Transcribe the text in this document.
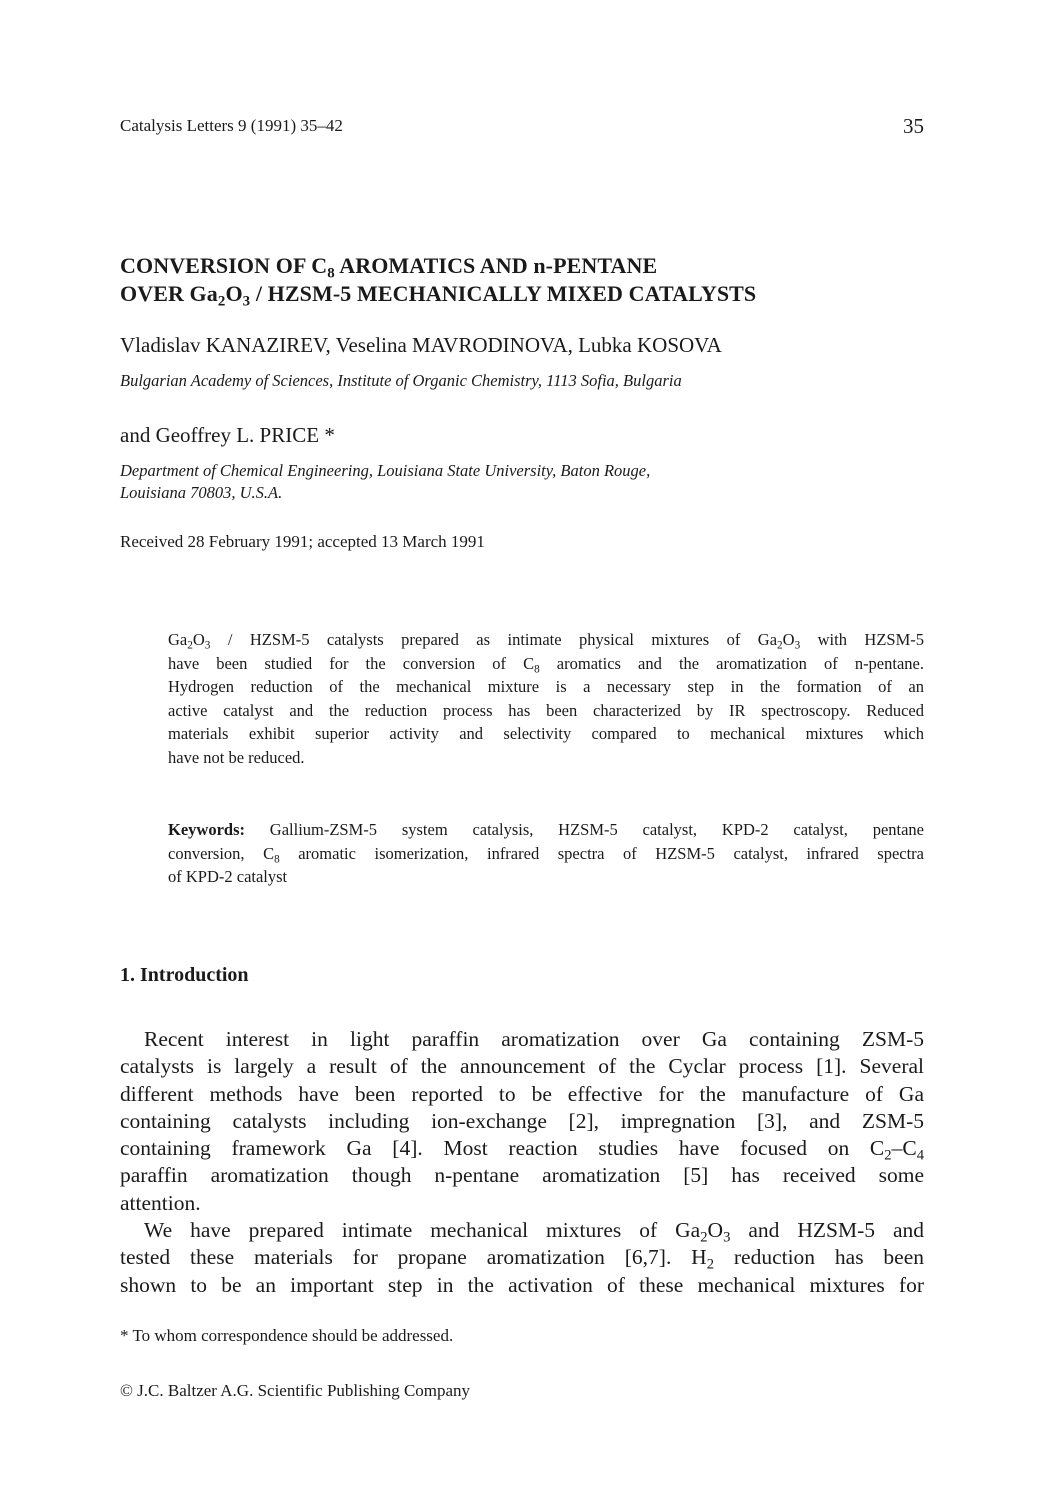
Catalysis Letters 9 (1991) 35–42	35
CONVERSION OF $C_8$ AROMATICS AND n-PENTANE
OVER $Ga_2O_3$ / HZSM-5 MECHANICALLY MIXED CATALYSTS
Vladislav KANAZIREV, Veselina MAVRODINOVA, Lubka KOSOVA
Bulgarian Academy of Sciences, Institute of Organic Chemistry, 1113 Sofia, Bulgaria
and Geoffrey L. PRICE *
Department of Chemical Engineering, Louisiana State University, Baton Rouge,
Louisiana 70803, U.S.A.
Received 28 February 1991; accepted 13 March 1991
$Ga_2O_3$ / HZSM-5 catalysts prepared as intimate physical mixtures of $Ga_2O_3$ with HZSM-5
have been studied for the conversion of $C_8$ aromatics and the aromatization of n-pentane.
Hydrogen reduction of the mechanical mixture is a necessary step in the formation of an
active catalyst and the reduction process has been characterized by IR spectroscopy. Reduced
materials exhibit superior activity and selectivity compared to mechanical mixtures which
have not be reduced.
Keywords: Gallium-ZSM-5 system catalysis, HZSM-5 catalyst, KPD-2 catalyst, pentane
conversion, $C_8$ aromatic isomerization, infrared spectra of HZSM-5 catalyst, infrared spectra
of KPD-2 catalyst
1. Introduction
Recent interest in light paraffin aromatization over Ga containing ZSM-5
catalysts is largely a result of the announcement of the Cyclar process [1]. Several
different methods have been reported to be effective for the manufacture of Ga
containing catalysts including ion-exchange [2], impregnation [3], and ZSM-5
containing framework Ga [4]. Most reaction studies have focused on $C_2-C_4$
paraffin aromatization though n-pentane aromatization [5] has received some
attention.
We have prepared intimate mechanical mixtures of $Ga_2O_3$ and HZSM-5 and
tested these materials for propane aromatization [6,7]. $H_2$ reduction has been
shown to be an important step in the activation of these mechanical mixtures for
* To whom correspondence should be addressed.
© J.C. Baltzer A.G. Scientific Publishing Company
